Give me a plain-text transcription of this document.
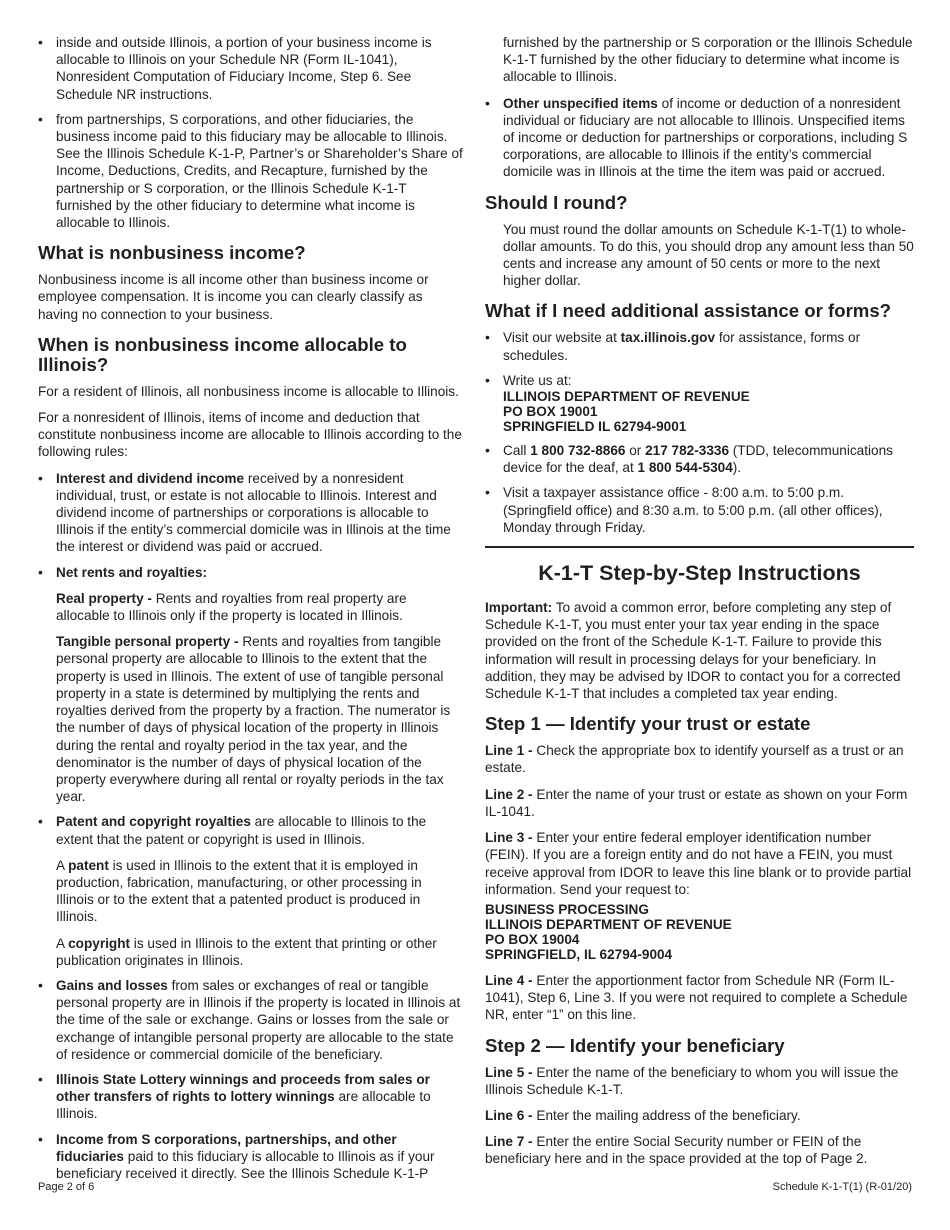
• inside and outside Illinois, a portion of your business income is allocable to Illinois on your Schedule NR (Form IL-1041), Nonresident Computation of Fiduciary Income, Step 6. See Schedule NR instructions.
• from partnerships, S corporations, and other fiduciaries, the business income paid to this fiduciary may be allocable to Illinois. See the Illinois Schedule K-1-P, Partner’s or Shareholder’s Share of Income, Deductions, Credits, and Recapture, furnished by the partnership or S corporation, or the Illinois Schedule K-1-T furnished by the other fiduciary to determine what income is allocable to Illinois.
What is nonbusiness income?

Nonbusiness income is all income other than business income or employee compensation. It is income you can clearly classify as having no connection to your business.

When is nonbusiness income allocable to Illinois?

For a resident of Illinois, all nonbusiness income is allocable to Illinois.

For a nonresident of Illinois, items of income and deduction that constitute nonbusiness income are allocable to Illinois according to the following rules:

• Interest and dividend income received by a nonresident individual, trust, or estate is not allocable to Illinois. Interest and dividend income of partnerships or corporations is allocable to Illinois if the entity’s commercial domicile was in Illinois at the time the interest or dividend was paid or accrued.

• Net rents and royalties:

Real property - Rents and royalties from real property are allocable to Illinois only if the property is located in Illinois.

Tangible personal property - Rents and royalties from tangible personal property are allocable to Illinois to the extent that the property is used in Illinois. The extent of use of tangible personal property in a state is determined by multiplying the rents and royalties derived from the property by a fraction. The numerator is the number of days of physical location of the property in Illinois during the rental and royalty period in the tax year, and the denominator is the number of days of physical location of the property everywhere during all rental or royalty periods in the tax year.

• Patent and copyright royalties are allocable to Illinois to the extent that the patent or copyright is used in Illinois.

A patent is used in Illinois to the extent that it is employed in production, fabrication, manufacturing, or other processing in Illinois or to the extent that a patented product is produced in Illinois.

A copyright is used in Illinois to the extent that printing or other publication originates in Illinois.

• Gains and losses from sales or exchanges of real or tangible personal property are in Illinois if the property is located in Illinois at the time of the sale or exchange. Gains or losses from the sale or exchange of intangible personal property are allocable to the state of residence or commercial domicile of the beneficiary.
• Illinois State Lottery winnings and proceeds from sales or other transfers of rights to lottery winnings are allocable to Illinois.
• Income from S corporations, partnerships, and other fiduciaries paid to this fiduciary is allocable to Illinois as if your beneficiary received it directly. See the Illinois Schedule K-1-P

furnished by the partnership or S corporation or the Illinois Schedule K-1-T furnished by the other fiduciary to determine what income is allocable to Illinois.

• Other unspecified items of income or deduction of a nonresident individual or fiduciary are not allocable to Illinois. Unspecified items of income or deduction for partnerships or corporations, including S corporations, are allocable to Illinois if the entity’s commercial domicile was in Illinois at the time the item was paid or accrued.
Should I round?

You must round the dollar amounts on Schedule K-1-T(1) to whole-dollar amounts. To do this, you should drop any amount less than 50 cents and increase any amount of 50 cents or more to the next higher dollar.

What if I need additional assistance or forms?
• Visit our website at tax.illinois.gov for assistance, forms or schedules.
• Write us at:
ILLINOIS DEPARTMENT OF REVENUE
PO BOX 19001
SPRINGFIELD IL 62794-9001
• Call 1 800 732-8866 or 217 782-3336 (TDD, telecommunications device for the deaf, at 1 800 544-5304).
• Visit a taxpayer assistance office - 8:00 a.m. to 5:00 p.m. (Springfield office) and 8:30 a.m. to 5:00 p.m. (all other offices), Monday through Friday.
K-1-T Step-by-Step Instructions

Important: To avoid a common error, before completing any step of Schedule K-1-T, you must enter your tax year ending in the space provided on the front of the Schedule K-1-T. Failure to provide this information will result in processing delays for your beneficiary. In addition, they may be advised by IDOR to contact you for a corrected Schedule K-1-T that includes a completed tax year ending.

Step 1 — Identify your trust or estate

Line 1 - Check the appropriate box to identify yourself as a trust or an estate.

Line 2 - Enter the name of your trust or estate as shown on your Form IL-1041.

Line 3 - Enter your entire federal employer identification number (FEIN). If you are a foreign entity and do not have a FEIN, you must receive approval from IDOR to leave this line blank or to provide partial information. Send your request to:

BUSINESS PROCESSING
ILLINOIS DEPARTMENT OF REVENUE
PO BOX 19004
SPRINGFIELD, IL 62794-9004

Line 4 - Enter the apportionment factor from Schedule NR (Form IL-1041), Step 6, Line 3. If you were not required to complete a Schedule NR, enter “1” on this line.

Step 2 — Identify your beneficiary

Line 5 - Enter the name of the beneficiary to whom you will issue the Illinois Schedule K-1-T.

Line 6 - Enter the mailing address of the beneficiary.

Line 7 - Enter the entire Social Security number or FEIN of the beneficiary here and in the space provided at the top of Page 2.

Page 2 of 6	Schedule K-1-T(1) (R-01/20)
